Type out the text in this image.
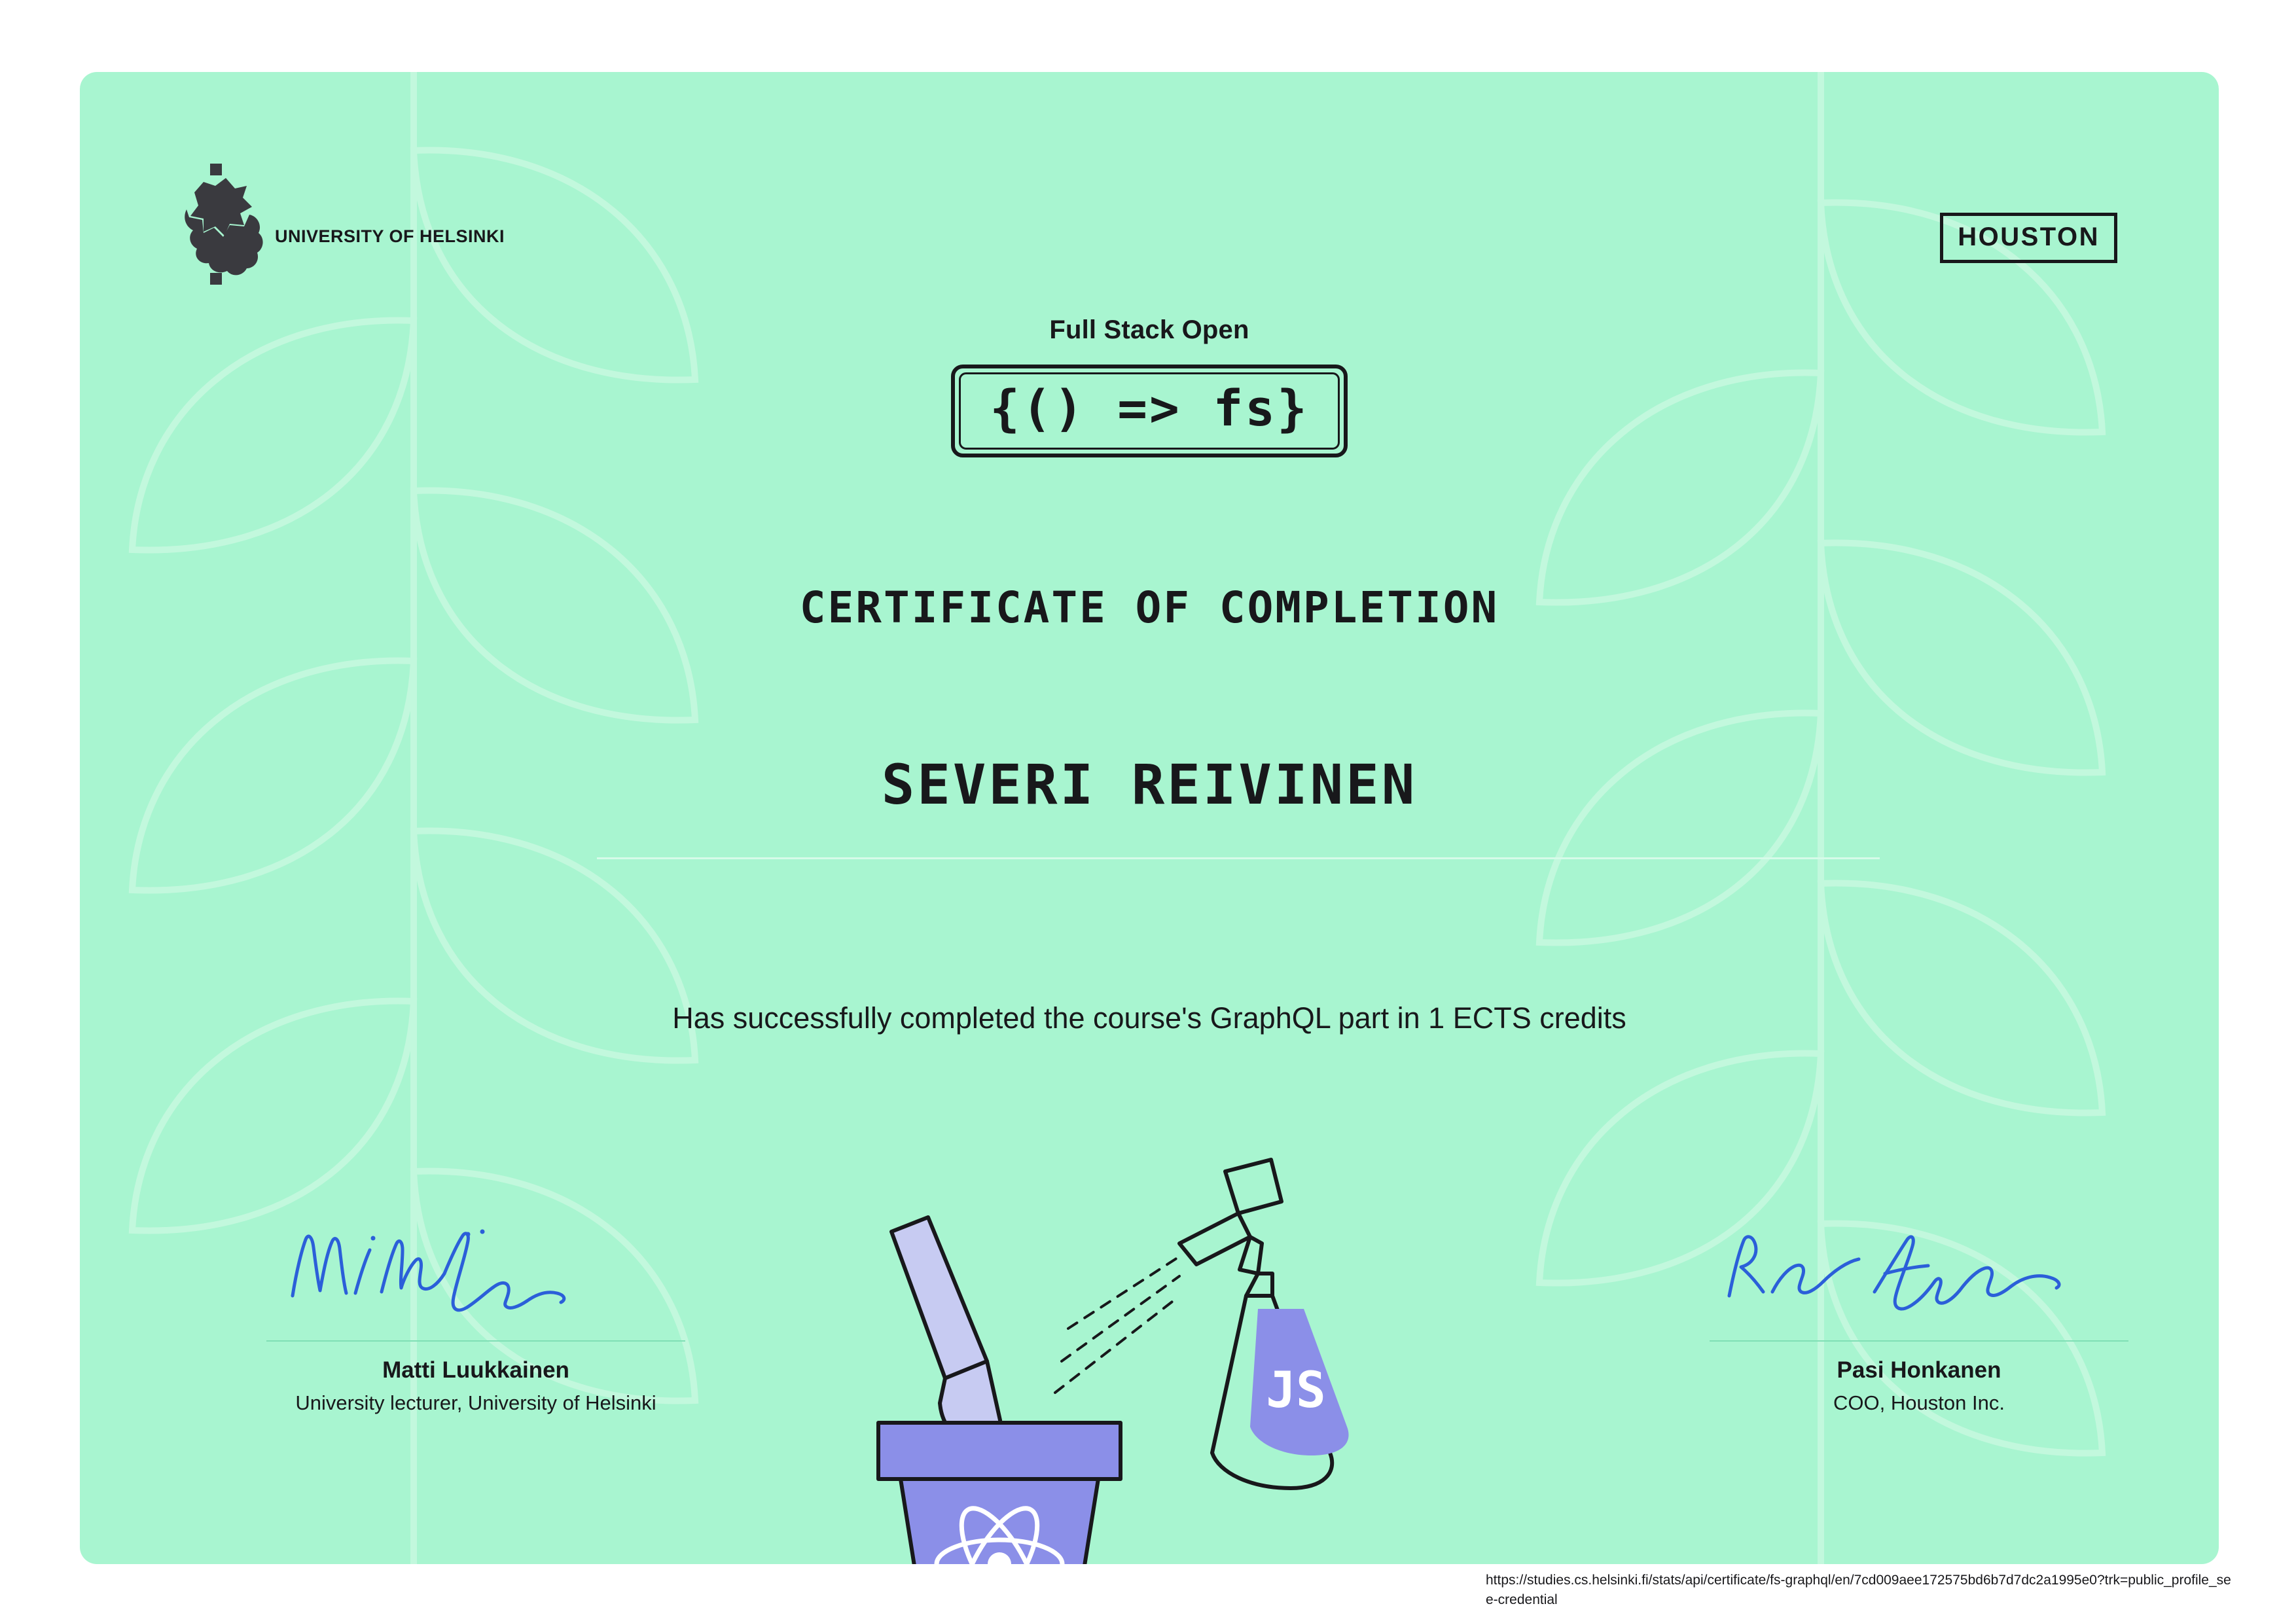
UNIVERSITY OF HELSINKI	HOUSTON
Full Stack Open
{() => fs}
CERTIFICATE OF COMPLETION
SEVERI REIVINEN
Has successfully completed the course's GraphQL part in 1 ECTS credits
Matti Luukkainen
University lecturer, University of Helsinki
Pasi Honkanen
COO, Houston Inc.
JS
https://studies.cs.helsinki.fi/stats/api/certificate/fs-graphql/en/7cd009aee172575bd6b7d7dc2a1995e0?trk=public_profile_see-credential
